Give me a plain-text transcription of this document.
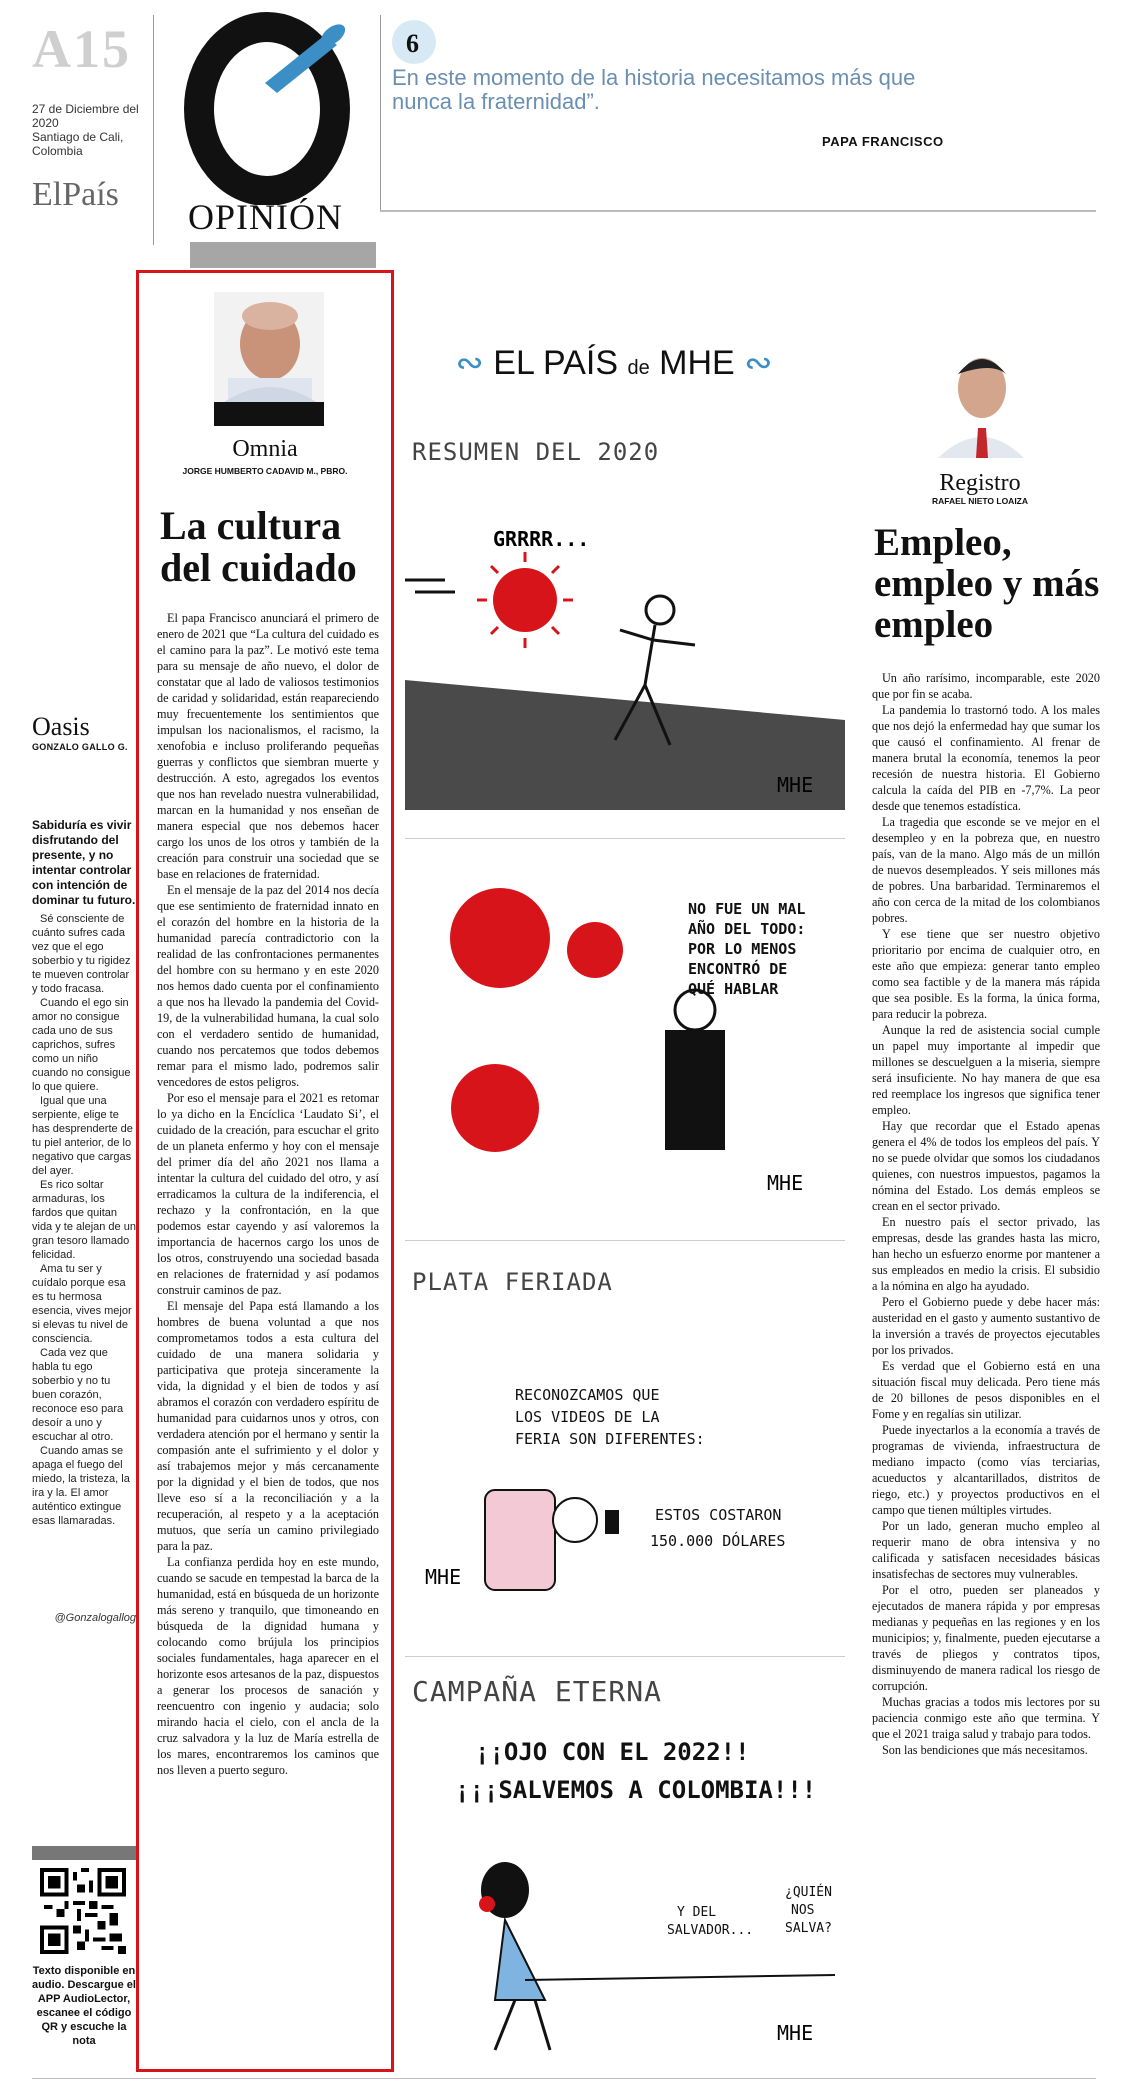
A15
27 de Diciembre del 2020
Santiago de Cali, Colombia
ElPaís
O
OPINIÓN
6
En este momento de la historia necesitamos más que nunca la fraternidad”.
PAPA FRANCISCO
Oasis
GONZALO GALLO G.
Sabiduría es vivir disfrutando del presente, y no intentar controlar con intención de dominar tu futuro.

Sé consciente de cuánto sufres cada vez que el ego soberbio y tu rigidez te mueven controlar y todo fracasa.

Cuando el ego sin amor no consigue cada uno de sus caprichos, sufres como un niño cuando no consigue lo que quiere.

Igual que una serpiente, elige te has desprenderte de tu piel anterior, de lo negativo que cargas del ayer.

Es rico soltar armaduras, los fardos que quitan vida y te alejan de un gran tesoro llamado felicidad.

Ama tu ser y cuídalo porque esa es tu hermosa esencia, vives mejor si elevas tu nivel de consciencia.

Cada vez que habla tu ego soberbio y no tu buen corazón, reconoce eso para desoír a uno y escuchar al otro.

Cuando amas se apaga el fuego del miedo, la tristeza, la ira y la. El amor auténtico extingue esas llamaradas.

@Gonzalogallog
Texto disponible en audio. Descargue el APP AudioLector, escanee el código QR y escuche la nota
Omnia
JORGE HUMBERTO CADAVID M., PBRO.
La cultura del cuidado

El papa Francisco anunciará el primero de enero de 2021 que “La cultura del cuidado es el camino para la paz”. Le motivó este tema para su mensaje de año nuevo, el dolor de constatar que al lado de valiosos testimonios de caridad y solidaridad, están reapareciendo muy frecuentemente los sentimientos que impulsan los nacionalismos, el racismo, la xenofobia e incluso proliferando pequeñas guerras y conflictos que siembran muerte y destrucción. A esto, agregados los eventos que nos han revelado nuestra vulnerabilidad, marcan en la humanidad y nos enseñan de manera especial que nos debemos hacer cargo los unos de los otros y también de la creación para construir una sociedad que se base en relaciones de fraternidad.

En el mensaje de la paz del 2014 nos decía que ese sentimiento de fraternidad innato en el corazón del hombre en la historia de la humanidad parecía contradictorio con la realidad de las confrontaciones permanentes del hombre con su hermano y en este 2020 nos hemos dado cuenta por el confinamiento a que nos ha llevado la pandemia del Covid-19, de la vulnerabilidad humana, la cual solo con el verdadero sentido de humanidad, cuando nos percatemos que todos debemos remar para el mismo lado, podremos salir vencedores de estos peligros.

Por eso el mensaje para el 2021 es retomar lo ya dicho en la Encíclica ‘Laudato Si’, el cuidado de la creación, para escuchar el grito de un planeta enfermo y hoy con el mensaje del primer día del año 2021 nos llama a intentar la cultura del cuidado del otro, y así erradicamos la cultura de la indiferencia, el rechazo y la confrontación, en la que podemos estar cayendo y así valoremos la importancia de hacernos cargo los unos de los otros, construyendo una sociedad basada en relaciones de fraternidad y así podamos construir caminos de paz.

El mensaje del Papa está llamando a los hombres de buena voluntad a que nos comprometamos todos a esta cultura del cuidado de una manera solidaria y participativa que proteja sinceramente la vida, la dignidad y el bien de todos y así abramos el corazón con verdadero espíritu de humanidad para cuidarnos unos y otros, con verdadera atención por el hermano y sentir la compasión ante el sufrimiento y el dolor y así trabajemos mejor y más cercanamente por la dignidad y el bien de todos, que nos lleve eso sí a la reconciliación y a la recuperación, al respeto y a la aceptación mutuos, que sería un camino privilegiado para la paz.

La confianza perdida hoy en este mundo, cuando se sacude en tempestad la barca de la humanidad, está en búsqueda de un horizonte más sereno y tranquilo, que timoneando en búsqueda de la dignidad humana y colocando como brújula los principios sociales fundamentales, haga aparecer en el horizonte esos artesanos de la paz, dispuestos a generar los procesos de sanación y reencuentro con ingenio y audacia; solo mirando hacia el cielo, con el ancla de la cruz salvadora y la luz de María estrella de los mares, encontraremos los caminos que nos lleven a puerto seguro.

∾ EL PAÍS de MHE ∾
RESUMEN DEL 2020
GRRRR...
MHE
NO FUE UN MAL AÑO DEL TODO: POR LO MENOS ENCONTRÓ DE QUÉ HABLAR
MHE
PLATA FERIADA
RECONOZCAMOS QUE LOS VIDEOS DE LA FERIA SON DIFERENTES:
ESTOS COSTARON 150.000 DÓLARES
MHE
CAMPAÑA ETERNA
¡¡OJO CON EL 2022!! ¡¡¡SALVEMOS A COLOMBIA!!!
Y DEL SALVADOR...
¿QUIÉN NOS SALVA?
MHE
Registro
RAFAEL NIETO LOAIZA
Empleo, empleo y más empleo

Un año rarísimo, incomparable, este 2020 que por fin se acaba.

La pandemia lo trastornó todo. A los males que nos dejó la enfermedad hay que sumar los que causó el confinamiento. Al frenar de manera brutal la economía, tenemos la peor recesión de nuestra historia. El Gobierno calcula la caída del PIB en -7,7%. La peor desde que tenemos estadística.

La tragedia que esconde se ve mejor en el desempleo y en la pobreza que, en nuestro país, van de la mano. Algo más de un millón de nuevos desempleados. Y seis millones más de pobres. Una barbaridad. Terminaremos el año con cerca de la mitad de los colombianos pobres.

Y ese tiene que ser nuestro objetivo prioritario por encima de cualquier otro, en este año que empieza: generar tanto empleo como sea factible y de la manera más rápida que sea posible. Es la forma, la única forma, para reducir la pobreza.

Aunque la red de asistencia social cumple un papel muy importante al impedir que millones se descuelguen a la miseria, siempre será insuficiente. No hay manera de que esa red reemplace los ingresos que significa tener empleo.

Hay que recordar que el Estado apenas genera el 4% de todos los empleos del país. Y no se puede olvidar que somos los ciudadanos quienes, con nuestros impuestos, pagamos la nómina del Estado. Los demás empleos se crean en el sector privado.

En nuestro país el sector privado, las empresas, desde las grandes hasta las micro, han hecho un esfuerzo enorme por mantener a sus empleados en medio la crisis. El subsidio a la nómina en algo ha ayudado.

Pero el Gobierno puede y debe hacer más: austeridad en el gasto y aumento sustantivo de la inversión a través de proyectos ejecutables por los privados.

Es verdad que el Gobierno está en una situación fiscal muy delicada. Pero tiene más de 20 billones de pesos disponibles en el Fome y en regalías sin utilizar.

Puede inyectarlos a la economía a través de programas de vivienda, infraestructura de mediano impacto (como vías terciarias, acueductos y alcantarillados, distritos de riego, etc.) y proyectos productivos en el campo que tienen múltiples virtudes.

Por un lado, generan mucho empleo al requerir mano de obra intensiva y no calificada y satisfacen necesidades básicas insatisfechas de sectores muy vulnerables.

Por el otro, pueden ser planeados y ejecutados de manera rápida y por empresas medianas y pequeñas en las regiones y en los municipios; y, finalmente, pueden ejecutarse a través de pliegos y contratos tipos, disminuyendo de manera radical los riesgo de corrupción.

Muchas gracias a todos mis lectores por su paciencia conmigo este año que termina. Y que el 2021 traiga salud y trabajo para todos.

Son las bendiciones que más necesitamos.
